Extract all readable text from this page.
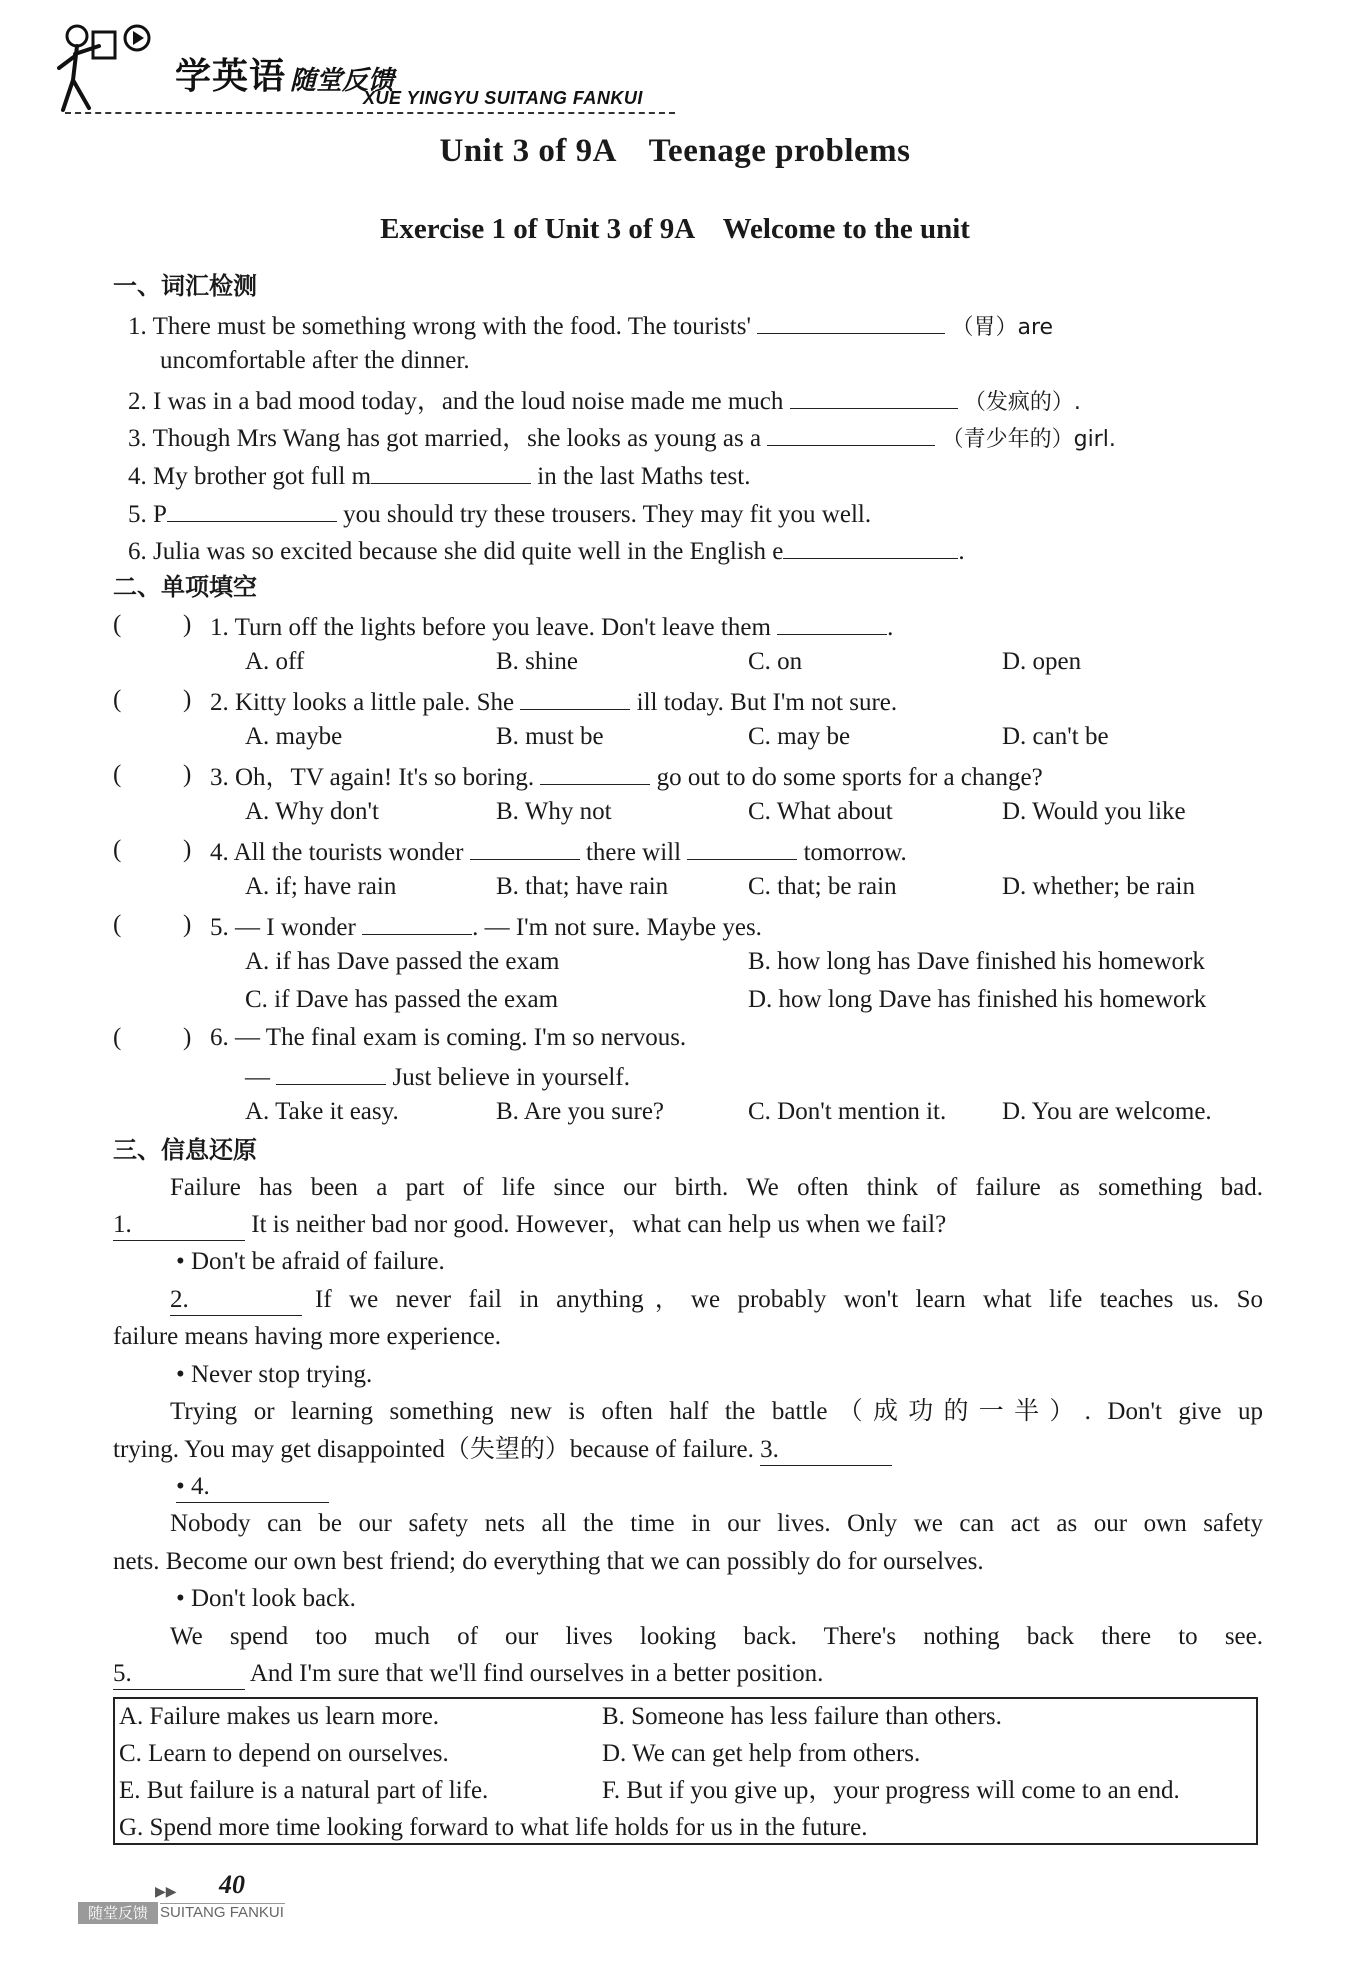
学英语 随堂反馈
XUE YINGYU SUITANG FANKUI
Unit 3 of 9A　Teenage problems
Exercise 1 of Unit 3 of 9A　Welcome to the unit
一、词汇检测
1. There must be something wrong with the food. The tourists'	（胃）are
uncomfortable after the dinner.
2. I was in a bad mood today，and the loud noise made me much	（发疯的）.
3. Though Mrs Wang has got married，she looks as young as a	（青少年的）girl.
4. My brother got full m	in the last Maths test.
5. P	you should try these trousers. They may fit you well.
6. Julia was so excited because she did quite well in the English e	.
二、单项填空
( ) 1. Turn off the lights before you leave. Don't leave them	.
A. off	B. shine	C. on	D. open
( ) 2. Kitty looks a little pale. She	ill today. But I'm not sure.
A. maybe	B. must be	C. may be	D. can't be
( ) 3. Oh，TV again! It's so boring.	go out to do some sports for a change?
A. Why don't	B. Why not	C. What about	D. Would you like
( ) 4. All the tourists wonder	there will	tomorrow.
A. if; have rain	B. that; have rain	C. that; be rain	D. whether; be rain
( ) 5. — I wonder	. — I'm not sure. Maybe yes.
A. if has Dave passed the exam	B. how long has Dave finished his homework
C. if Dave has passed the exam	D. how long Dave has finished his homework
( ) 6. — The final exam is coming. I'm so nervous.
—	Just believe in yourself.
A. Take it easy.	B. Are you sure?	C. Don't mention it. D. You are welcome.
三、信息还原
Failure has been a part of life since our birth. We often think of failure as something bad.
1.	It is neither bad nor good. However，what can help us when we fail?
• Don't be afraid of failure.
2.	If we never fail in anything，we probably won't learn what life teaches us. So
failure means having more experience.
• Never stop trying.
Trying or learning something new is often half the battle（成功的一半）. Don't give up
trying. You may get disappointed（失望的）because of failure. 3.
• 4.
Nobody can be our safety nets all the time in our lives. Only we can act as our own safety
nets. Become our own best friend; do everything that we can possibly do for ourselves.
• Don't look back.
We spend too much of our lives looking back. There's nothing back there to see.
5.	And I'm sure that we'll find ourselves in a better position.
A. Failure makes us learn more.	B. Someone has less failure than others.
C. Learn to depend on ourselves.	D. We can get help from others.
E. But failure is a natural part of life.	F. But if you give up，your progress will come to an end.
G. Spend more time looking forward to what life holds for us in the future.
▶▶ 40
随堂反馈 SUITANG FANKUI
